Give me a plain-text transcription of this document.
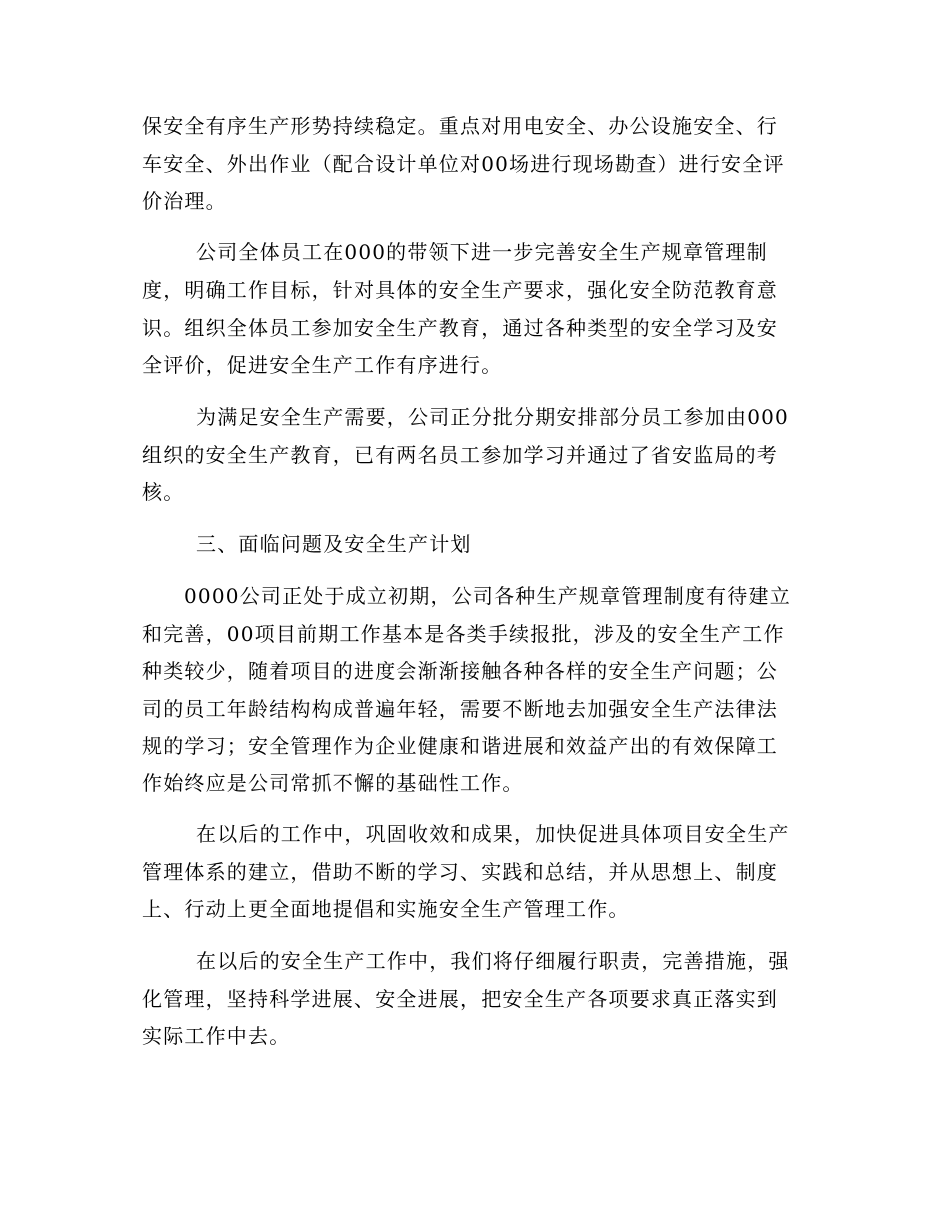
保安全有序生产形势持续稳定。重点对用电安全、办公设施安全、行
车安全、外出作业（配合设计单位对00场进行现场勘查）进行安全评
价治理。
公司全体员工在000的带领下进一步完善安全生产规章管理制
度，明确工作目标，针对具体的安全生产要求，强化安全防范教育意
识。组织全体员工参加安全生产教育，通过各种类型的安全学习及安
全评价，促进安全生产工作有序进行。
为满足安全生产需要，公司正分批分期安排部分员工参加由000
组织的安全生产教育，已有两名员工参加学习并通过了省安监局的考
核。
三、面临问题及安全生产计划
0000公司正处于成立初期，公司各种生产规章管理制度有待建立
和完善，00项目前期工作基本是各类手续报批，涉及的安全生产工作
种类较少，随着项目的进度会渐渐接触各种各样的安全生产问题；公
司的员工年龄结构构成普遍年轻，需要不断地去加强安全生产法律法
规的学习；安全管理作为企业健康和谐进展和效益产出的有效保障工
作始终应是公司常抓不懈的基础性工作。
在以后的工作中，巩固收效和成果，加快促进具体项目安全生产
管理体系的建立，借助不断的学习、实践和总结，并从思想上、制度
上、行动上更全面地提倡和实施安全生产管理工作。
在以后的安全生产工作中，我们将仔细履行职责，完善措施，强
化管理，坚持科学进展、安全进展，把安全生产各项要求真正落实到
实际工作中去。
